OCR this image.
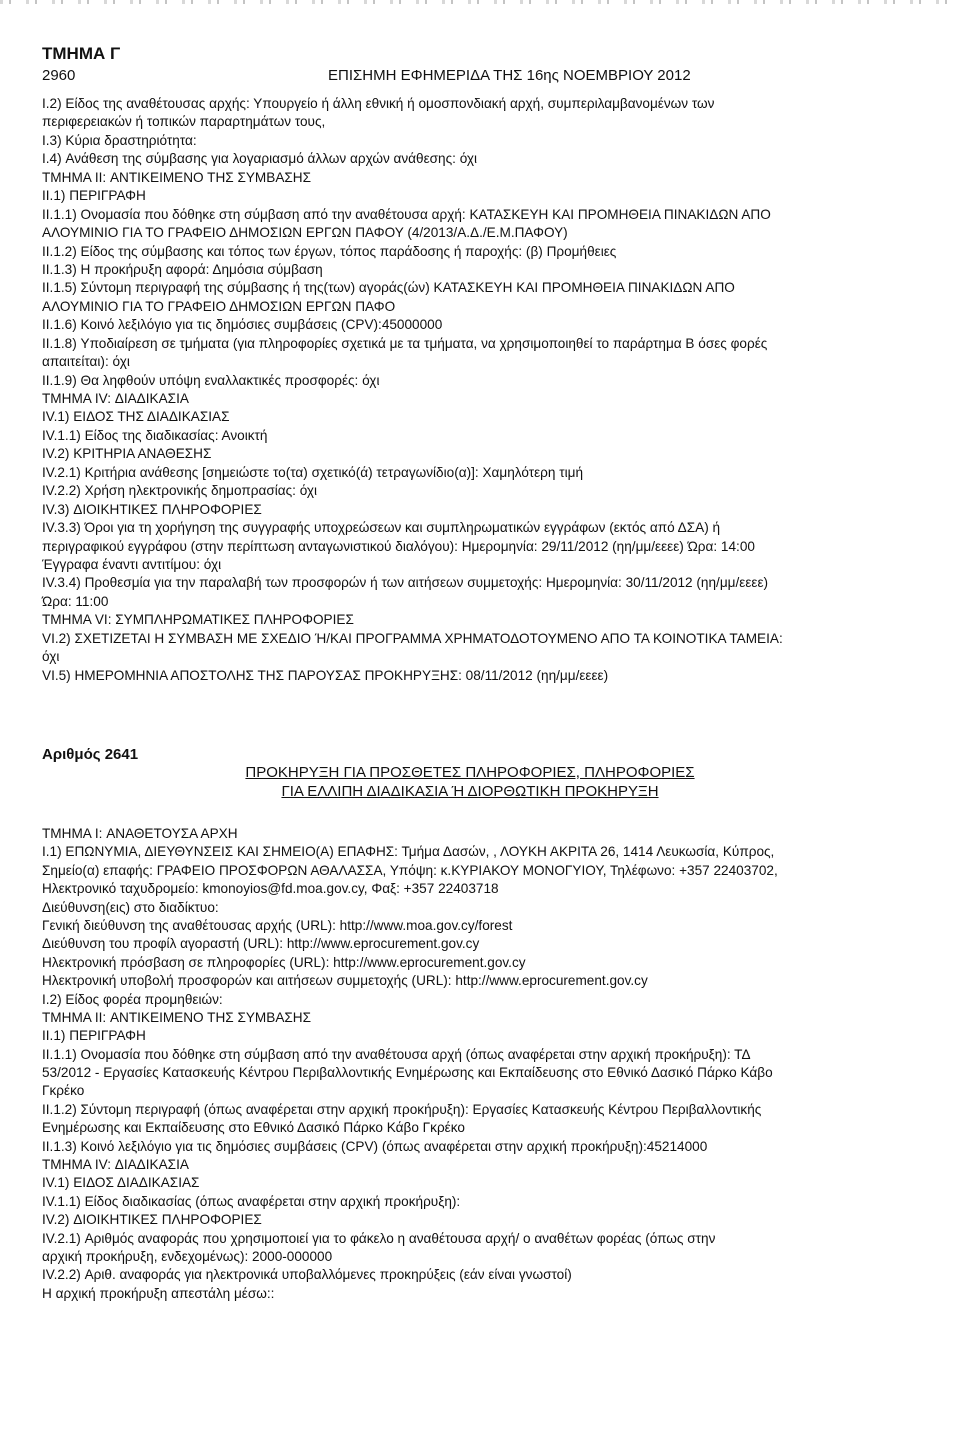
ΤΜΗΜΑ Γ
2960	ΕΠΙΣΗΜΗ ΕΦΗΜΕΡΙΔΑ ΤΗΣ 16ης ΝΟΕΜΒΡΙΟΥ 2012
I.2) Είδος της αναθέτουσας αρχής: Υπουργείο ή άλλη εθνική ή ομοσπονδιακή αρχή, συμπεριλαμβανομένων των
περιφερειακών ή τοπικών παραρτημάτων τους,
I.3) Κύρια δραστηριότητα:
I.4) Ανάθεση της σύμβασης για λογαριασμό άλλων αρχών ανάθεσης: όχι
ΤΜΗΜΑ II: ΑΝΤΙΚΕΙΜΕΝΟ ΤΗΣ ΣΥΜΒΑΣΗΣ
II.1) ΠΕΡΙΓΡΑΦΗ
II.1.1) Ονομασία που δόθηκε στη σύμβαση από την αναθέτουσα αρχή: ΚΑΤΑΣΚΕΥΗ ΚΑΙ ΠΡΟΜΗΘΕΙΑ ΠΙΝΑΚΙΔΩΝ ΑΠΟ
ΑΛΟΥΜΙΝΙΟ ΓΙΑ ΤΟ ΓΡΑΦΕΙΟ ΔΗΜΟΣΙΩΝ ΕΡΓΩΝ ΠΑΦΟΥ (4/2013/Α.Δ./Ε.Μ.ΠΑΦΟΥ)
II.1.2) Είδος της σύμβασης και τόπος των έργων, τόπος παράδοσης ή παροχής: (β) Προμήθειες
II.1.3) Η προκήρυξη αφορά: Δημόσια σύμβαση
II.1.5) Σύντομη περιγραφή της σύμβασης ή της(των) αγοράς(ών) ΚΑΤΑΣΚΕΥΗ ΚΑΙ ΠΡΟΜΗΘΕΙΑ ΠΙΝΑΚΙΔΩΝ ΑΠΟ
ΑΛΟΥΜΙΝΙΟ ΓΙΑ ΤΟ ΓΡΑΦΕΙΟ ΔΗΜΟΣΙΩΝ ΕΡΓΩΝ ΠΑΦΟ
II.1.6) Κοινό λεξιλόγιο για τις δημόσιες συμβάσεις (CPV):45000000
II.1.8) Υποδιαίρεση σε τμήματα (για πληροφορίες σχετικά με τα τμήματα, να χρησιμοποιηθεί το παράρτημα Β όσες φορές
απαιτείται): όχι
II.1.9) Θα ληφθούν υπόψη εναλλακτικές προσφορές: όχι
ΤΜΗΜΑ IV: ΔΙΑΔΙΚΑΣΙΑ
IV.1) ΕΙΔΟΣ ΤΗΣ ΔΙΑΔΙΚΑΣΙΑΣ
IV.1.1) Είδος της διαδικασίας: Ανοικτή
IV.2) ΚΡΙΤΗΡΙΑ ΑΝΑΘΕΣΗΣ
IV.2.1) Κριτήρια ανάθεσης [σημειώστε το(τα) σχετικό(ά) τετραγωνίδιο(α)]: Χαμηλότερη τιμή
IV.2.2) Χρήση ηλεκτρονικής δημοπρασίας: όχι
IV.3) ΔΙΟΙΚΗΤΙΚΕΣ ΠΛΗΡΟΦΟΡΙΕΣ
IV.3.3) Όροι για τη χορήγηση της συγγραφής υποχρεώσεων και συμπληρωματικών εγγράφων (εκτός από ΔΣΑ) ή
περιγραφικού εγγράφου (στην περίπτωση ανταγωνιστικού διαλόγου): Ημερομηνία: 29/11/2012 (ηη/μμ/εεεε) Ώρα: 14:00
Έγγραφα έναντι αντιτίμου: όχι
IV.3.4) Προθεσμία για την παραλαβή των προσφορών ή των αιτήσεων συμμετοχής: Ημερομηνία: 30/11/2012 (ηη/μμ/εεεε)
Ώρα: 11:00
ΤΜΗΜΑ VI: ΣΥΜΠΛΗΡΩΜΑΤΙΚΕΣ ΠΛΗΡΟΦΟΡΙΕΣ
VI.2) ΣΧΕΤΙΖΕΤΑΙ Η ΣΥΜΒΑΣΗ ΜΕ ΣΧΕΔΙΟ Ή/ΚΑΙ ΠΡΟΓΡΑΜΜΑ ΧΡΗΜΑΤΟΔΟΤΟΥΜΕΝΟ ΑΠΟ ΤΑ ΚΟΙΝΟΤΙΚΑ ΤΑΜΕΙΑ:
όχι
VI.5) ΗΜΕΡΟΜΗΝΙΑ ΑΠΟΣΤΟΛΗΣ ΤΗΣ ΠΑΡΟΥΣΑΣ ΠΡΟΚΗΡΥΞΗΣ: 08/11/2012 (ηη/μμ/εεεε)
Αριθμός 2641
ΠΡΟΚΗΡΥΞΗ ΓΙΑ ΠΡΟΣΘΕΤΕΣ ΠΛΗΡΟΦΟΡΙΕΣ, ΠΛΗΡΟΦΟΡΙΕΣ
ΓΙΑ ΕΛΛΙΠΗ ΔΙΑΔΙΚΑΣΙΑ Ή ΔΙΟΡΘΩΤΙΚΗ ΠΡΟΚΗΡΥΞΗ
ΤΜΗΜΑ I: ΑΝΑΘΕΤΟΥΣΑ ΑΡΧΗ
I.1) ΕΠΩΝΥΜΙΑ, ΔΙΕΥΘΥΝΣΕΙΣ ΚΑΙ ΣΗΜΕΙΟ(Α) ΕΠΑΦΗΣ: Τμήμα Δασών, , ΛΟΥΚΗ ΑΚΡΙΤΑ 26, 1414 Λευκωσία, Κύπρος,
Σημείο(α) επαφής: ΓΡΑΦΕΙΟ ΠΡΟΣΦΟΡΩΝ ΑΘΑΛΑΣΣΑ, Υπόψη: κ.ΚΥΡΙΑΚΟΥ ΜΟΝΟΓΥΙΟΥ, Τηλέφωνο: +357 22403702,
Ηλεκτρονικό ταχυδρομείο: kmonoyios@fd.moa.gov.cy, Φαξ: +357 22403718
Διεύθυνση(εις) στο διαδίκτυο:
Γενική διεύθυνση της αναθέτουσας αρχής (URL): http://www.moa.gov.cy/forest
Διεύθυνση του προφίλ αγοραστή (URL): http://www.eprocurement.gov.cy
Ηλεκτρονική πρόσβαση σε πληροφορίες (URL): http://www.eprocurement.gov.cy
Ηλεκτρονική υποβολή προσφορών και αιτήσεων συμμετοχής (URL): http://www.eprocurement.gov.cy
I.2) Είδος φορέα προμηθειών:
ΤΜΗΜΑ II: ΑΝΤΙΚΕΙΜΕΝΟ ΤΗΣ ΣΥΜΒΑΣΗΣ
II.1) ΠΕΡΙΓΡΑΦΗ
II.1.1) Ονομασία που δόθηκε στη σύμβαση από την αναθέτουσα αρχή (όπως αναφέρεται στην αρχική προκήρυξη): ΤΔ
53/2012 - Εργασίες Κατασκευής Κέντρου Περιβαλλοντικής Ενημέρωσης και Εκπαίδευσης στο Εθνικό Δασικό Πάρκο Κάβο
Γκρέκο
II.1.2) Σύντομη περιγραφή (όπως αναφέρεται στην αρχική προκήρυξη): Εργασίες Κατασκευής Κέντρου Περιβαλλοντικής
Ενημέρωσης και Εκπαίδευσης στο Εθνικό Δασικό Πάρκο Κάβο Γκρέκο
II.1.3) Κοινό λεξιλόγιο για τις δημόσιες συμβάσεις (CPV) (όπως αναφέρεται στην αρχική προκήρυξη):45214000
ΤΜΗΜΑ IV: ΔΙΑΔΙΚΑΣΙΑ
IV.1) ΕΙΔΟΣ ΔΙΑΔΙΚΑΣΙΑΣ
IV.1.1) Είδος διαδικασίας (όπως αναφέρεται στην αρχική προκήρυξη):
IV.2) ΔΙΟΙΚΗΤΙΚΕΣ ΠΛΗΡΟΦΟΡΙΕΣ
IV.2.1) Αριθμός αναφοράς που χρησιμοποιεί για το φάκελο η αναθέτουσα αρχή/ ο αναθέτων φορέας (όπως στην
αρχική προκήρυξη, ενδεχομένως): 2000-000000
IV.2.2) Αριθ. αναφοράς για ηλεκτρονικά υποβαλλόμενες προκηρύξεις (εάν είναι γνωστοί)
Η αρχική προκήρυξη απεστάλη μέσω::
